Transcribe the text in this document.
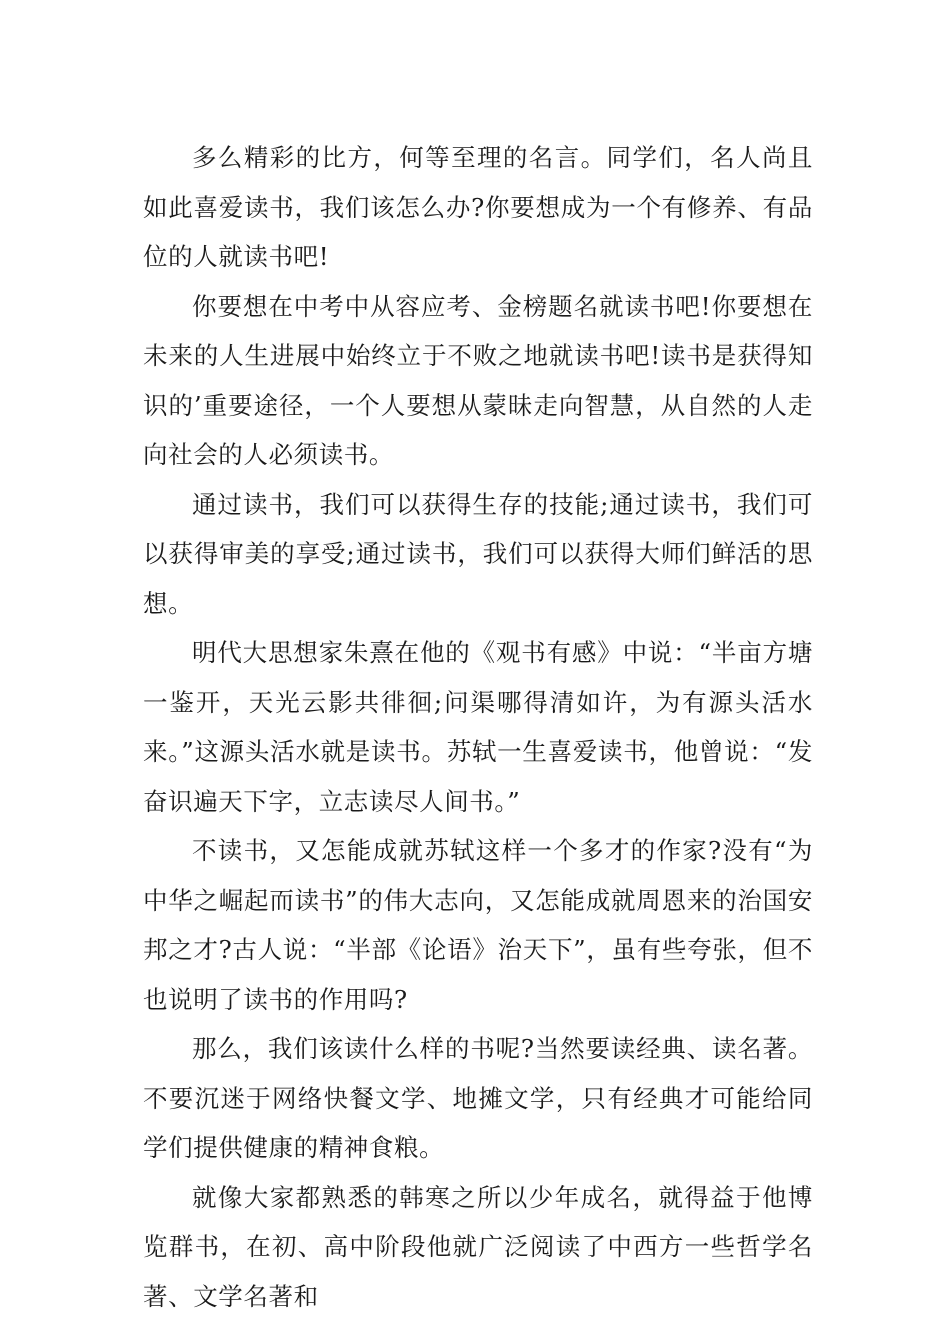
多么精彩的比方，何等至理的名言。同学们，名人尚且如此喜爱读书，我们该怎么办?你要想成为一个有修养、有品位的人就读书吧!

你要想在中考中从容应考、金榜题名就读书吧!你要想在未来的人生进展中始终立于不败之地就读书吧!读书是获得知识的’重要途径，一个人要想从蒙昧走向智慧，从自然的人走向社会的人必须读书。

通过读书，我们可以获得生存的技能;通过读书，我们可以获得审美的享受;通过读书，我们可以获得大师们鲜活的思想。

明代大思想家朱熹在他的《观书有感》中说：“半亩方塘一鉴开，天光云影共徘徊;问渠哪得清如许，为有源头活水来。”这源头活水就是读书。苏轼一生喜爱读书，他曾说：“发奋识遍天下字，立志读尽人间书。”

不读书，又怎能成就苏轼这样一个多才的作家?没有“为中华之崛起而读书”的伟大志向，又怎能成就周恩来的治国安邦之才?古人说：“半部《论语》治天下”，虽有些夸张，但不也说明了读书的作用吗?

那么，我们该读什么样的书呢?当然要读经典、读名著。不要沉迷于网络快餐文学、地摊文学，只有经典才可能给同学们提供健康的精神食粮。

就像大家都熟悉的韩寒之所以少年成名，就得益于他博览群书，在初、高中阶段他就广泛阅读了中西方一些哲学名著、文学名著和
